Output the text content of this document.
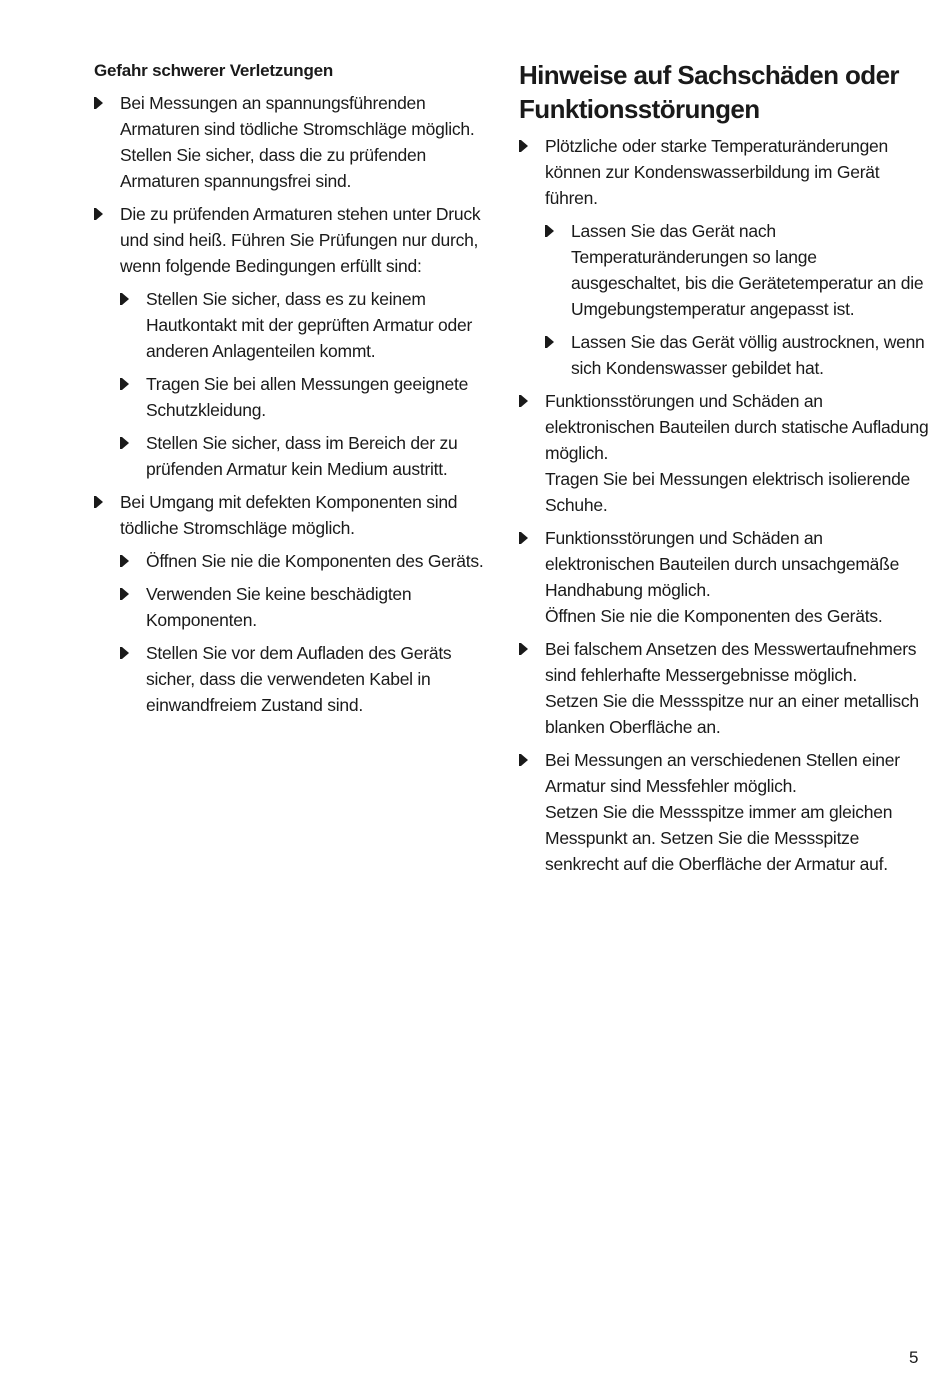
Gefahr schwerer Verletzungen
Bei Messungen an spannungsführenden Armaturen sind tödliche Stromschläge möglich. Stellen Sie sicher, dass die zu prüfenden Armaturen spannungsfrei sind.
Die zu prüfenden Armaturen stehen unter Druck und sind heiß. Führen Sie Prüfungen nur durch, wenn folgende Bedingungen erfüllt sind:
Stellen Sie sicher, dass es zu keinem Hautkontakt mit der geprüften Armatur oder anderen Anlagenteilen kommt.
Tragen Sie bei allen Messungen geeignete Schutzkleidung.
Stellen Sie sicher, dass im Bereich der zu prüfenden Armatur kein Medium austritt.
Bei Umgang mit defekten Komponenten sind tödliche Stromschläge möglich.
Öffnen Sie nie die Komponenten des Geräts.
Verwenden Sie keine beschädigten Komponenten.
Stellen Sie vor dem Aufladen des Geräts sicher, dass die verwendeten Kabel in einwandfreiem Zustand sind.
Hinweise auf Sachschäden oder Funktionsstörungen
Plötzliche oder starke Temperaturänderungen können zur Kondenswasserbildung im Gerät führen.
Lassen Sie das Gerät nach Temperaturänderungen so lange ausgeschaltet, bis die Gerätetemperatur an die Umgebungstemperatur angepasst ist.
Lassen Sie das Gerät völlig austrocknen, wenn sich Kondenswasser gebildet hat.
Funktionsstörungen und Schäden an elektronischen Bauteilen durch statische Aufladung möglich.
Tragen Sie bei Messungen elektrisch isolierende Schuhe.
Funktionsstörungen und Schäden an elektronischen Bauteilen durch unsachgemäße Handhabung möglich.
Öffnen Sie nie die Komponenten des Geräts.
Bei falschem Ansetzen des Messwertaufnehmers sind fehlerhafte Messergebnisse möglich.
Setzen Sie die Messspitze nur an einer metallisch blanken Oberfläche an.
Bei Messungen an verschiedenen Stellen einer Armatur sind Messfehler möglich.
Setzen Sie die Messspitze immer am gleichen Messpunkt an. Setzen Sie die Messspitze senkrecht auf die Oberfläche der Armatur auf.
5
